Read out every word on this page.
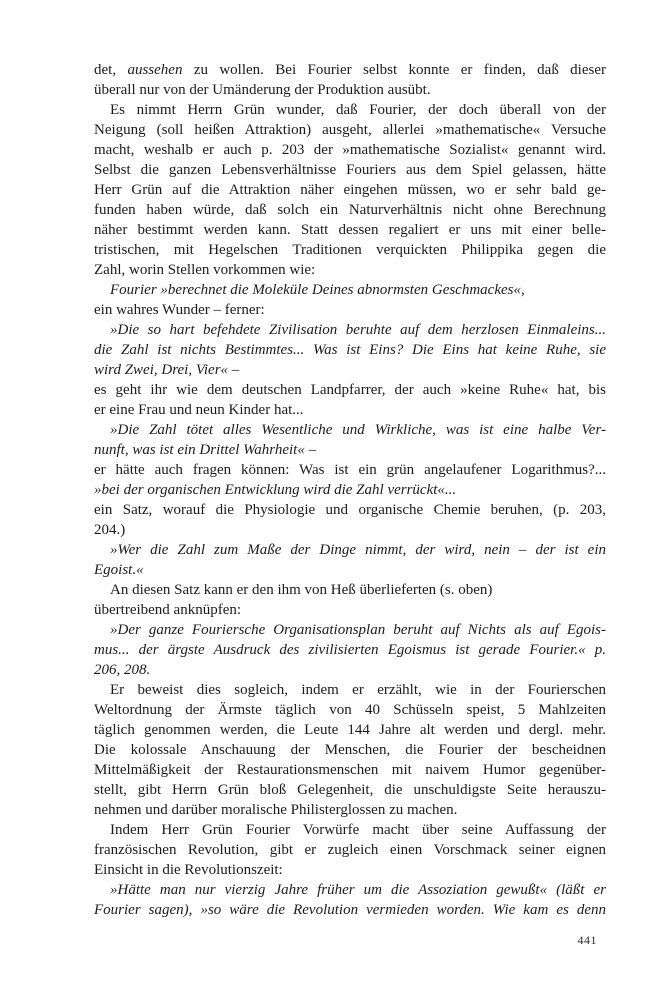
det, aussehen zu wollen. Bei Fourier selbst konnte er finden, daß dieser
überall nur von der Umänderung der Produktion ausübt.
Es nimmt Herrn Grün wunder, daß Fourier, der doch überall von der
Neigung (soll heißen Attraktion) ausgeht, allerlei »mathematische« Versuche
macht, weshalb er auch p. 203 der »mathematische Sozialist« genannt wird.
Selbst die ganzen Lebensverhältnisse Fouriers aus dem Spiel gelassen, hätte
Herr Grün auf die Attraktion näher eingehen müssen, wo er sehr bald ge-
funden haben würde, daß solch ein Naturverhältnis nicht ohne Berechnung
näher bestimmt werden kann. Statt dessen regaliert er uns mit einer belle-
tristischen, mit Hegelschen Traditionen verquickten Philippika gegen die
Zahl, worin Stellen vorkommen wie:
Fourier »berechnet die Moleküle Deines abnormsten Geschmackes«,
ein wahres Wunder – ferner:
»Die so hart befehdete Zivilisation beruhte auf dem herzlosen Einmaleins...
die Zahl ist nichts Bestimmtes... Was ist Eins? Die Eins hat keine Ruhe, sie
wird Zwei, Drei, Vier« –
es geht ihr wie dem deutschen Landpfarrer, der auch »keine Ruhe« hat, bis
er eine Frau und neun Kinder hat...
»Die Zahl tötet alles Wesentliche und Wirkliche, was ist eine halbe Ver-
nunft, was ist ein Drittel Wahrheit« –
er hätte auch fragen können: Was ist ein grün angelaufener Logarithmus?...
»bei der organischen Entwicklung wird die Zahl verrückt«...
ein Satz, worauf die Physiologie und organische Chemie beruhen, (p. 203,
204.)
»Wer die Zahl zum Maße der Dinge nimmt, der wird, nein – der ist ein
Egoist.«
An diesen Satz kann er den ihm von Heß überlieferten (s. oben)
übertreibend anknüpfen:
»Der ganze Fouriersche Organisationsplan beruht auf Nichts als auf Egois-
mus... der ärgste Ausdruck des zivilisierten Egoismus ist gerade Fourier.« p.
206, 208.
Er beweist dies sogleich, indem er erzählt, wie in der Fourierschen
Weltordnung der Ärmste täglich von 40 Schüsseln speist, 5 Mahlzeiten
täglich genommen werden, die Leute 144 Jahre alt werden und dergl. mehr.
Die kolossale Anschauung der Menschen, die Fourier der bescheidnen
Mittelmäßigkeit der Restaurationsmenschen mit naivem Humor gegenüber-
stellt, gibt Herrn Grün bloß Gelegenheit, die unschuldigste Seite herauszu-
nehmen und darüber moralische Philisterglossen zu machen.
Indem Herr Grün Fourier Vorwürfe macht über seine Auffassung der
französischen Revolution, gibt er zugleich einen Vorschmack seiner eignen
Einsicht in die Revolutionszeit:
»Hätte man nur vierzig Jahre früher um die Assoziation gewußt« (läßt er
Fourier sagen), »so wäre die Revolution vermieden worden. Wie kam es denn
441
